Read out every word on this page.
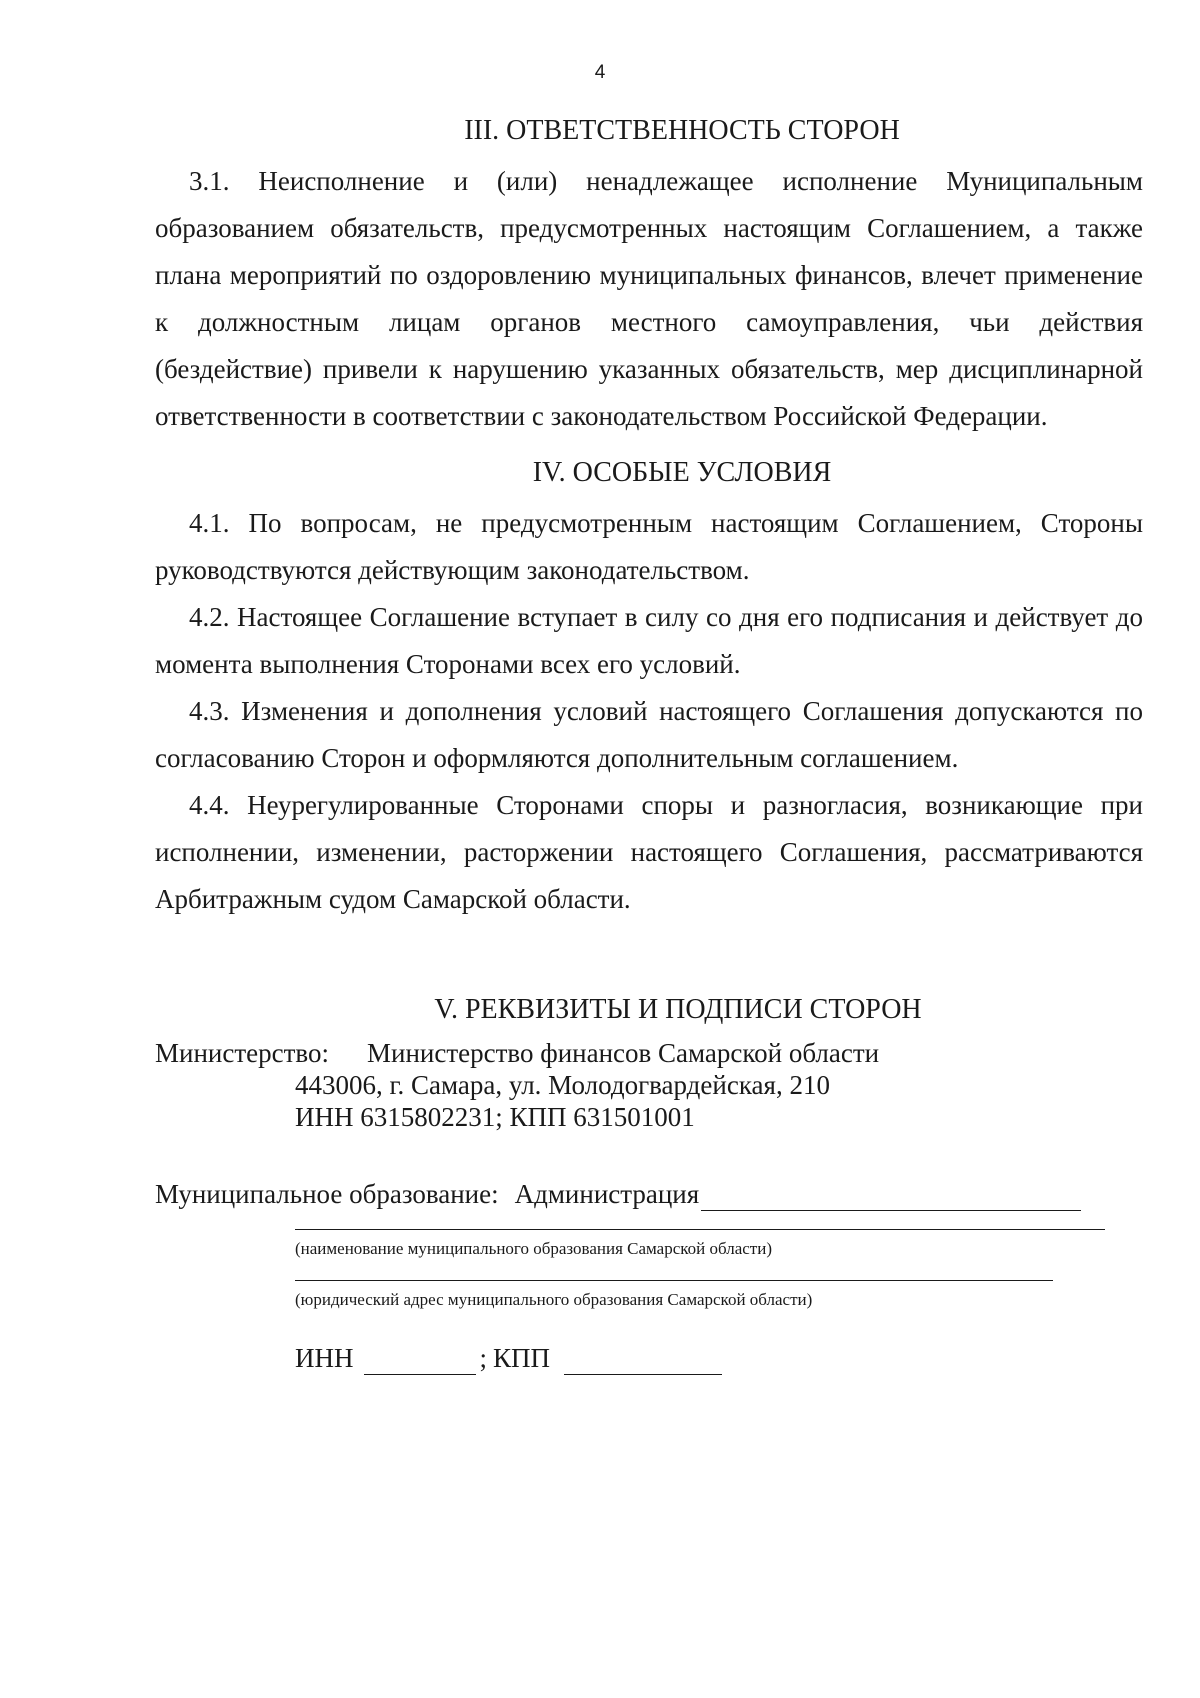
4
III. ОТВЕТСТВЕННОСТЬ СТОРОН

3.1. Неисполнение и (или) ненадлежащее исполнение Муниципальным образованием обязательств, предусмотренных настоящим Соглашением, а также плана мероприятий по оздоровлению муниципальных финансов, влечет применение к должностным лицам органов местного самоуправления, чьи действия (бездействие) привели к нарушению указанных обязательств, мер дисциплинарной ответственности в соответствии с законодательством Российской Федерации.

IV. ОСОБЫЕ УСЛОВИЯ

4.1. По вопросам, не предусмотренным настоящим Соглашением, Стороны руководствуются действующим законодательством.

4.2. Настоящее Соглашение вступает в силу со дня его подписания и действует до момента выполнения Сторонами всех его условий.

4.3. Изменения и дополнения условий настоящего Соглашения допускаются по согласованию Сторон и оформляются дополнительным соглашением.

4.4. Неурегулированные Сторонами споры и разногласия, возникающие при исполнении, изменении, расторжении настоящего Соглашения, рассматриваются Арбитражным судом Самарской области.

V. РЕКВИЗИТЫ И ПОДПИСИ СТОРОН
Министерство:	Министерство финансов Самарской области
443006, г. Самара, ул. Молодогвардейская, 210
ИНН 6315802231; КПП 631501001
Муниципальное образование: Администрация
(наименование муниципального образования Самарской области)
(юридический адрес муниципального образования Самарской области)
ИНН	; КПП
